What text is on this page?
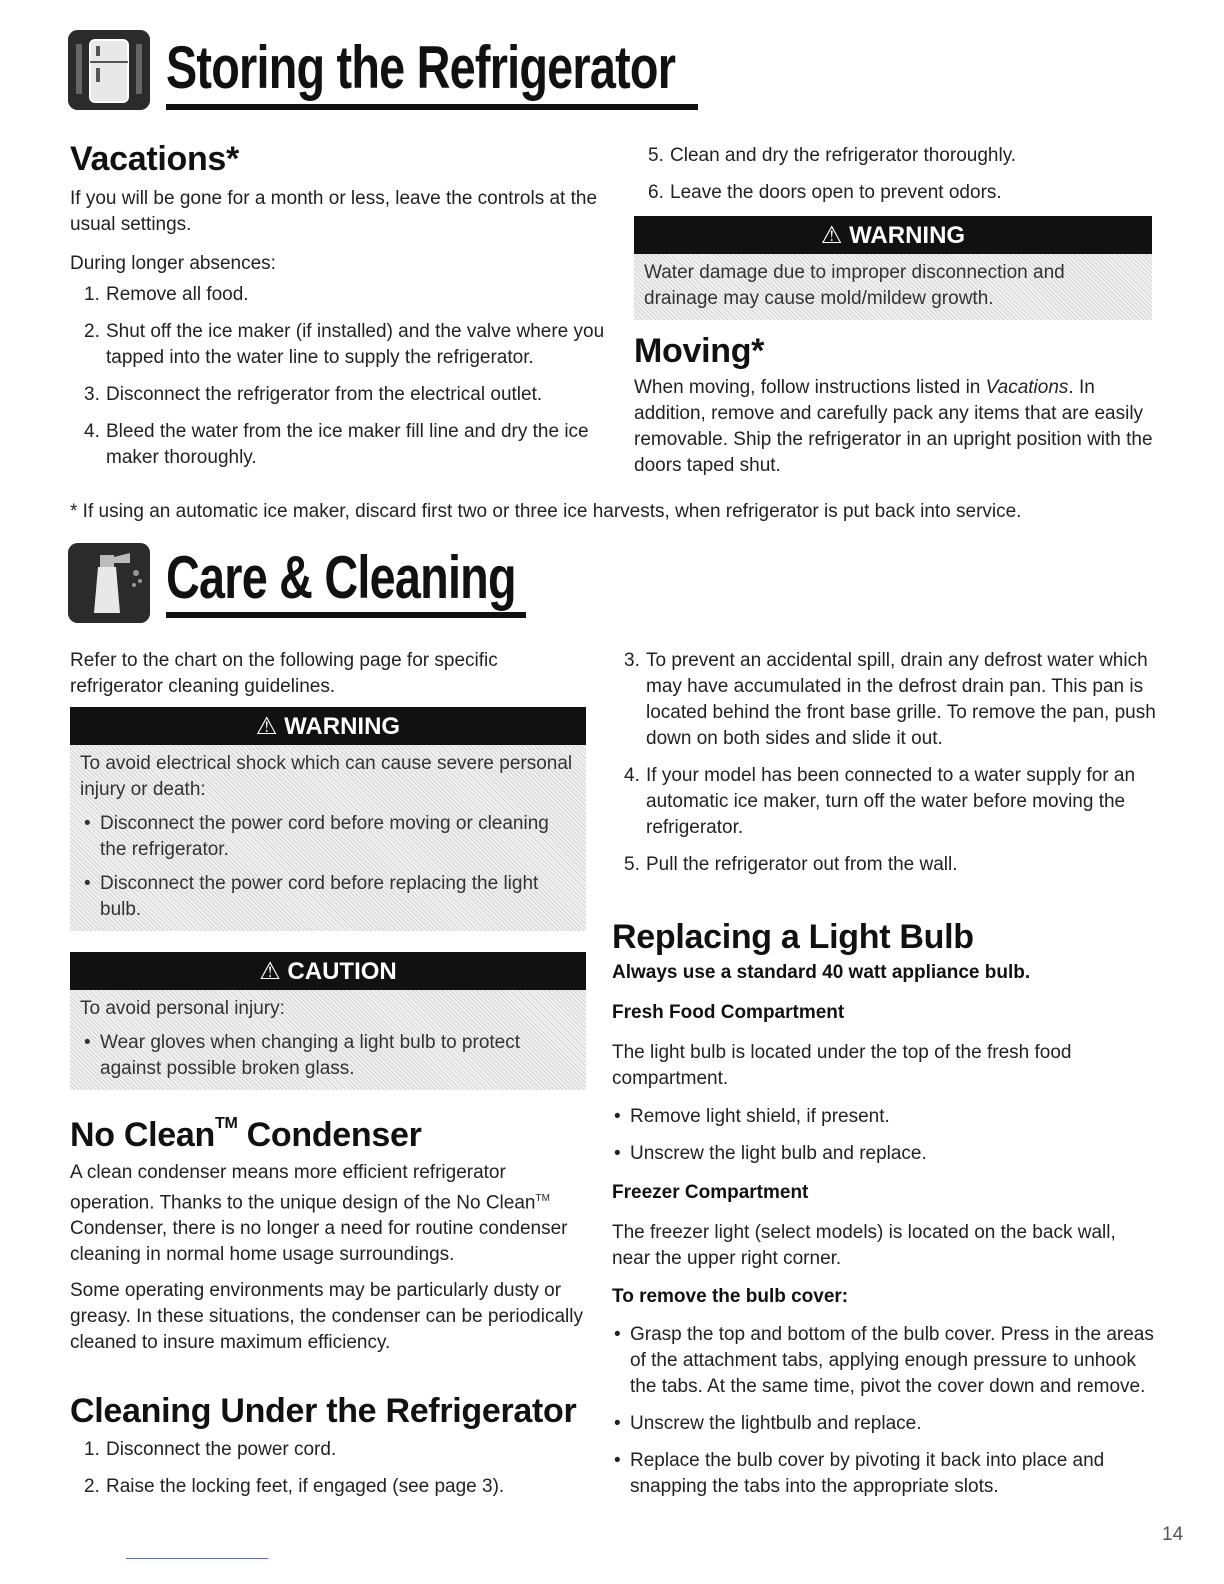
Storing the Refrigerator
Vacations*
If you will be gone for a month or less, leave the controls at the usual settings.
During longer absences:
1. Remove all food.
2. Shut off the ice maker (if installed) and the valve where you tapped into the water line to supply the refrigerator.
3. Disconnect the refrigerator from the electrical outlet.
4. Bleed the water from the ice maker fill line and dry the ice maker thoroughly.
5. Clean and dry the refrigerator thoroughly.
6. Leave the doors open to prevent odors.
⚠ WARNING
Water damage due to improper disconnection and drainage may cause mold/mildew growth.
Moving*
When moving, follow instructions listed in Vacations. In addition, remove and carefully pack any items that are easily removable. Ship the refrigerator in an upright position with the doors taped shut.
* If using an automatic ice maker, discard first two or three ice harvests, when refrigerator is put back into service.
Care & Cleaning
Refer to the chart on the following page for specific refrigerator cleaning guidelines.
⚠ WARNING
To avoid electrical shock which can cause severe personal injury or death:
• Disconnect the power cord before moving or cleaning the refrigerator.
• Disconnect the power cord before replacing the light bulb.
⚠ CAUTION
To avoid personal injury:
• Wear gloves when changing a light bulb to protect against possible broken glass.
No Clean™ Condenser
A clean condenser means more efficient refrigerator operation. Thanks to the unique design of the No Clean™ Condenser, there is no longer a need for routine condenser cleaning in normal home usage surroundings.
Some operating environments may be particularly dusty or greasy. In these situations, the condenser can be periodically cleaned to insure maximum efficiency.
Cleaning Under the Refrigerator
1. Disconnect the power cord.
2. Raise the locking feet, if engaged (see page 3).
3. To prevent an accidental spill, drain any defrost water which may have accumulated in the defrost drain pan. This pan is located behind the front base grille. To remove the pan, push down on both sides and slide it out.
4. If your model has been connected to a water supply for an automatic ice maker, turn off the water before moving the refrigerator.
5. Pull the refrigerator out from the wall.
Replacing a Light Bulb
Always use a standard 40 watt appliance bulb.
Fresh Food Compartment
The light bulb is located under the top of the fresh food compartment.
• Remove light shield, if present.
• Unscrew the light bulb and replace.
Freezer Compartment
The freezer light (select models) is located on the back wall, near the upper right corner.
To remove the bulb cover:
• Grasp the top and bottom of the bulb cover. Press in the areas of the attachment tabs, applying enough pressure to unhook the tabs. At the same time, pivot the cover down and remove.
• Unscrew the lightbulb and replace.
• Replace the bulb cover by pivoting it back into place and snapping the tabs into the appropriate slots.
14
